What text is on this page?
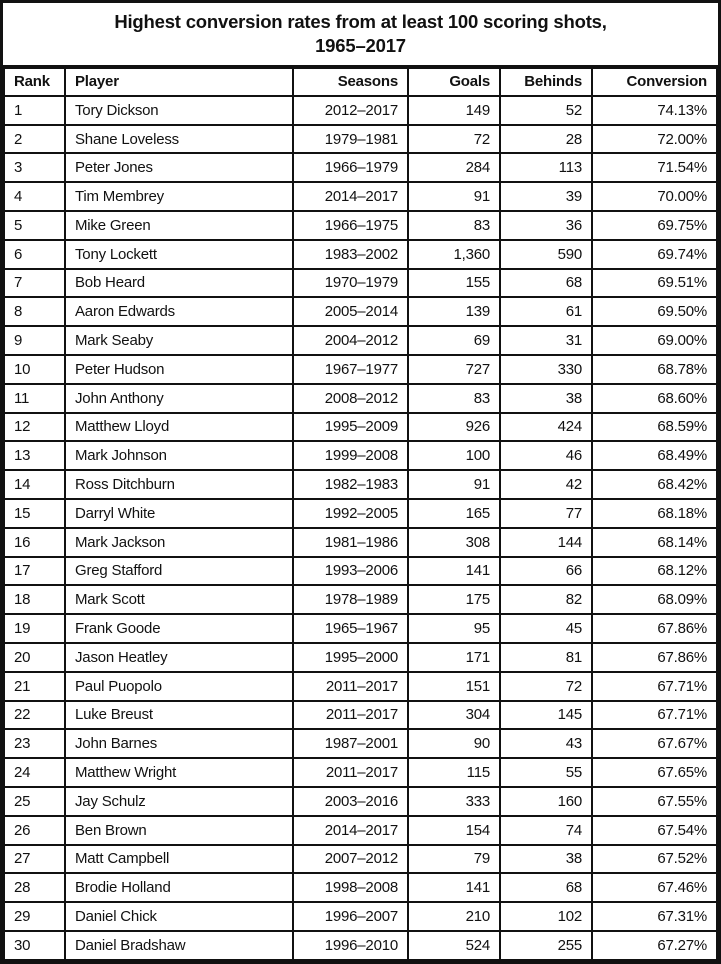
Highest conversion rates from at least 100 scoring shots,
1965–2017
Rank	Player	Seasons	Goals	Behinds	Conversion
1	Tory Dickson	2012–2017	149	52	74.13%
2	Shane Loveless	1979–1981	72	28	72.00%
3	Peter Jones	1966–1979	284	113	71.54%
4	Tim Membrey	2014–2017	91	39	70.00%
5	Mike Green	1966–1975	83	36	69.75%
6	Tony Lockett	1983–2002	1,360	590	69.74%
7	Bob Heard	1970–1979	155	68	69.51%
8	Aaron Edwards	2005–2014	139	61	69.50%
9	Mark Seaby	2004–2012	69	31	69.00%
10	Peter Hudson	1967–1977	727	330	68.78%
11	John Anthony	2008–2012	83	38	68.60%
12	Matthew Lloyd	1995–2009	926	424	68.59%
13	Mark Johnson	1999–2008	100	46	68.49%
14	Ross Ditchburn	1982–1983	91	42	68.42%
15	Darryl White	1992–2005	165	77	68.18%
16	Mark Jackson	1981–1986	308	144	68.14%
17	Greg Stafford	1993–2006	141	66	68.12%
18	Mark Scott	1978–1989	175	82	68.09%
19	Frank Goode	1965–1967	95	45	67.86%
20	Jason Heatley	1995–2000	171	81	67.86%
21	Paul Puopolo	2011–2017	151	72	67.71%
22	Luke Breust	2011–2017	304	145	67.71%
23	John Barnes	1987–2001	90	43	67.67%
24	Matthew Wright	2011–2017	115	55	67.65%
25	Jay Schulz	2003–2016	333	160	67.55%
26	Ben Brown	2014–2017	154	74	67.54%
27	Matt Campbell	2007–2012	79	38	67.52%
28	Brodie Holland	1998–2008	141	68	67.46%
29	Daniel Chick	1996–2007	210	102	67.31%
30	Daniel Bradshaw	1996–2010	524	255	67.27%
